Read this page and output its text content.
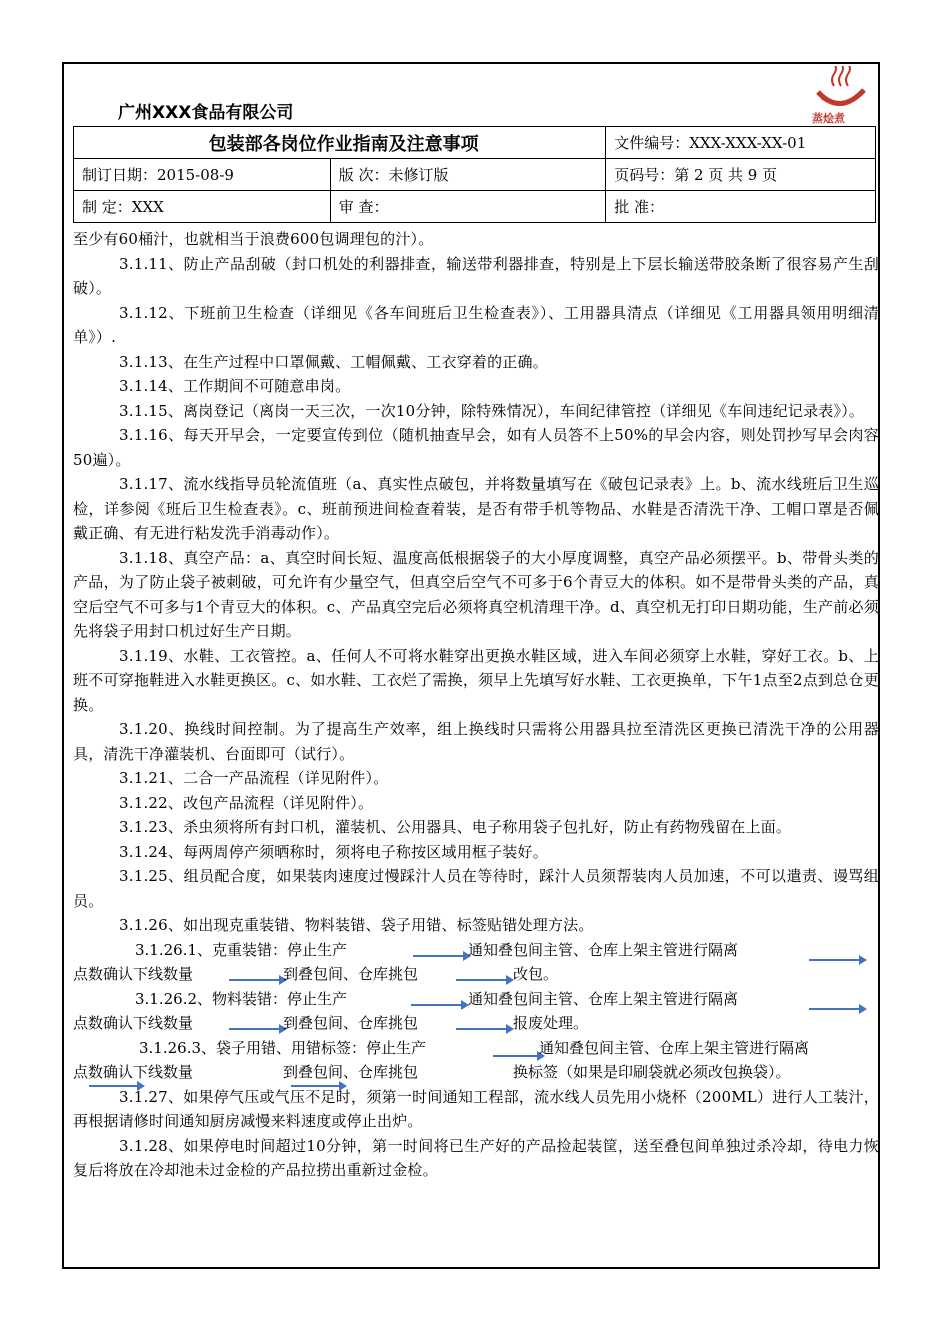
广州XXX食品有限公司	蒸烩煮
包装部各岗位作业指南及注意事项		文件编号：XXX-XXX-XX-01
制订日期：2015-08-9	版 次：未修订版	页码号：第 2 页 共 9 页
制 定：XXX	审 查：	批 准：

至少有60桶汁，也就相当于浪费600包调理包的汁）。

3.1.11、防止产品刮破（封口机处的利器排查，输送带利器排查，特别是上下层长输送带胶条断了很容易产生刮破）。

3.1.12、下班前卫生检查（详细见《各车间班后卫生检查表》）、工用器具清点（详细见《工用器具领用明细清单》）.

3.1.13、在生产过程中口罩佩戴、工帽佩戴、工衣穿着的正确。

3.1.14、工作期间不可随意串岗。

3.1.15、离岗登记（离岗一天三次，一次10分钟，除特殊情况），车间纪律管控（详细见《车间违纪记录表》）。

3.1.16、每天开早会，一定要宣传到位（随机抽查早会，如有人员答不上50%的早会内容，则处罚抄写早会肉容50遍）。

3.1.17、流水线指导员轮流值班（a、真实性点破包，并将数量填写在《破包记录表》上。b、流水线班后卫生巡检，详参阅《班后卫生检查表》。c、班前预进间检查着装，是否有带手机等物品、水鞋是否清洗干净、工帽口罩是否佩戴正确、有无进行粘发洗手消毒动作）。

3.1.18、真空产品：a、真空时间长短、温度高低根据袋子的大小厚度调整，真空产品必须摆平。b、带骨头类的产品，为了防止袋子被刺破，可允许有少量空气，但真空后空气不可多于6个青豆大的体积。如不是带骨头类的产品，真空后空气不可多与1个青豆大的体积。c、产品真空完后必须将真空机清理干净。d、真空机无打印日期功能，生产前必须先将袋子用封口机过好生产日期。

3.1.19、水鞋、工衣管控。a、任何人不可将水鞋穿出更换水鞋区域，进入车间必须穿上水鞋，穿好工衣。b、上班不可穿拖鞋进入水鞋更换区。c、如水鞋、工衣烂了需换，须早上先填写好水鞋、工衣更换单，下午1点至2点到总仓更换。

3.1.20、换线时间控制。为了提高生产效率，组上换线时只需将公用器具拉至清洗区更换已清洗干净的公用器具，清洗干净灌装机、台面即可（试行）。

3.1.21、二合一产品流程（详见附件）。

3.1.22、改包产品流程（详见附件）。

3.1.23、杀虫须将所有封口机，灌装机、公用器具、电子称用袋子包扎好，防止有药物残留在上面。

3.1.24、每两周停产须晒称时，须将电子称按区域用框子装好。

3.1.25、组员配合度，如果装肉速度过慢踩汁人员在等待时，踩汁人员须帮装肉人员加速，不可以遣责、谩骂组员。

3.1.26、如出现克重装错、物料装错、袋子用错、标签贴错处理方法。

3.1.26.1、克重装错：停止生产	通知叠包间主管、仓库上架主管进行隔离
点数确认下线数量	到叠包间、仓库挑包	改包。
3.1.26.2、物料装错：停止生产	通知叠包间主管、仓库上架主管进行隔离
点数确认下线数量	到叠包间、仓库挑包	报废处理。
3.1.26.3、袋子用错、用错标签：停止生产	通知叠包间主管、仓库上架主管进行隔离
点数确认下线数量	到叠包间、仓库挑包	换标签（如果是印刷袋就必须改包换袋）。

3.1.27、如果停气压或气压不足时，须第一时间通知工程部，流水线人员先用小烧杯（200ML）进行人工装汁，再根据请修时间通知厨房减慢来料速度或停止出炉。

3.1.28、如果停电时间超过10分钟，第一时间将已生产好的产品捡起装筐，送至叠包间单独过杀冷却，待电力恢复后将放在冷却池未过金检的产品拉捞出重新过金检。
